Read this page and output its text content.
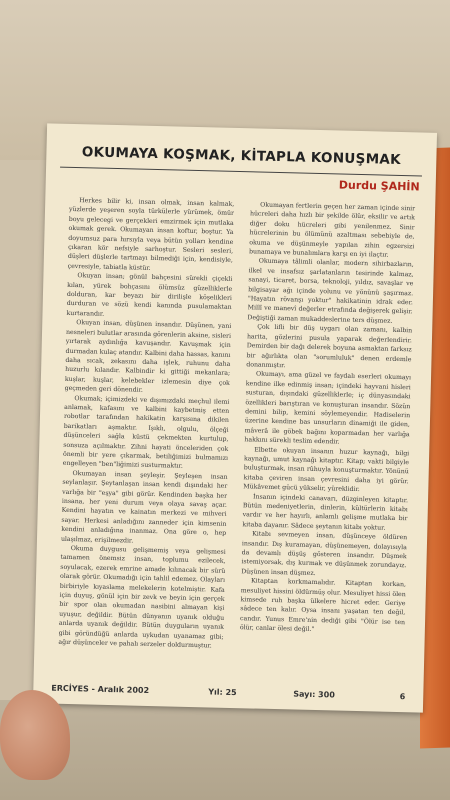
OKUMAYA KOŞMAK, KİTAPLA KONUŞMAK
Durdu ŞAHİN

Herkes bilir ki, insan olmak, insan kalmak, yüzlerde yeşeren soyla türkülerle yürümek, ömür boyu gelecegi ve gerçekleri emzirmek için mutlaka okumak gerek. Okumayan insan koftur, boştur. Ya doyumsuz para hırsıyla veya bütün yolları kendine çıkaran kör nefsiyle sarhoştur. Sesleri sesleri, düşleri düşlerle tartmayı bilmediği için, kendisiyle, çevresiyle, tabiatla küstür.

Okuyan insan; gönül bahçesini sürekli çiçekli kılan, yürek bohçasını ölümsüz güzelliklerle dolduran, kar beyazı bir dirilişle köşelikleri durduran ve sözü kendi kanında pusulamaktan kurtarandır.

Okuyan insan, düşünen insandır. Düşünen, yani nesneleri bulutlar arasında görenlerin aksine, sisleri yırtarak aydınlığa kavuşandır. Kavuşmak için durmadan kulaç atandır. Kalbini daha hassas, kanını daha sıcak, zekasını daha işlek, ruhunu daha huzurlu kılandır. Kalbindir ki gittiği mekanlara; kuşlar, kuşlar, kelebekler izlemesin diye çok geçmeden geri dönendir.

Okumak; içimizdeki ve dışımızdaki meçhul ilemi anlamak, kafasını ve kalbini kaybetmiş etten robotlar tarafından hakikatin karşısına dikilen barikatları aşmaktır. Işıklı, olgulu, ölçeği düşünceleri sağla küstü çekmekten kurtulup, sonsuza açılmaktır. Zihni hayati önceleriden çok önemli bir yere çıkarmak, betiliğimizi bulmamızı engelleyen "ben"liğimizi susturmaktır.

Okumayan insan şeyleşir. Şeyleşen insan seylanlaşır. Şeytanlaşan insan kendi dışındaki her varlığa bir "eşya" gibi görür. Kendinden başka her insana, her yeni durum veya olaya savaş açar. Kendini hayatın ve kainatın merkezi ve mihveri sayar. Herkesi anladığını zanneder için kimsenin kendini anladığına inanmaz. Ona göre o, hep ulaşılmaz, erişilmezdir.

Okuma duygusu gelişmemiş veya gelişmesi tamamen önemsiz insan, toplumu ezilecek, soyulacak, ezerek emrine amade kılınacak bir sürü olarak görür. Okumadığı için tahlil edemez. Olayları birbiriyle kıyaslama melekelerin kotelmiştir. Kafa için duyuş, gönül için bir zevk ve beyin için gerçek bir spor olan okumadan nasibini almayan kişi uyuşur, değildir. Bütün dünyanın uyanık olduğu anlarda uyanık değildir. Bütün duyguların uyanık gibi göründüğü anlarda uykudan uyanamaz gibi; ağır düşünceler ve pahalı serzeler doldurmuştur.

Okumayan fertlerin geçen her zaman içinde sinir hücreleri daha hızlı bir şekilde ölür, eksilir ve artık diğer doku hücreleri gibi yenilenmez. Sinir hücrelerinin bu ölümünü azaltması sebebiyle de, okuma ve düşünmeyle yapılan zihin egzersizi bunamaya ve bunalımlara karşı en iyi ilaçtır.

Okumaya tâlimli olanlar, modern sihirbazların, ilkel ve insafsız şarlatanların tesirinde kalmaz, sanayi, ticaret, borsa, teknoloji, yıldız, savaşlar ve bilgisayar ağı içinde yolunu ve yönünü şaşırmaz. "Hayatın rövanşı yoktur" hakikatinin idrak eder. Millî ve manevî değerler etrafında değişerek gelişir. Değiştiği zaman mukaddeslerine ters düşmez.

Çok lifli bir düş uygarı olan zamanı, kalbin harita, gözlerini pusula yaparak değerlendirir. Demirden bir dağı delerek boyuna asmaktan farksız bir ağırlıkta olan "sorumluluk" denen erdemle donanmıştır.

Okumayı, ama güzel ve faydalı eserleri okumayı kendine ilke edinmiş insan; içindeki hayvani hisleri susturan, dışındaki güzelliklerle; iç dünyasındaki özellikleri barıştıran ve konuşturan insandır. Sözün demini bilip, kemini söylemeyendir. Hadiselerin üzerine kendine bas unsurların dinamiği ile giden, mâverâ ile göbek bağını koparmadan her varlığa hakkını sürekli teslim edendir.

Elbette okuyan insanın huzur kaynağı, bilgi kaynağı, umut kaynağı kitaptır. Kitap; vakti bilgiyle buluşturmak, insan rûhuyla konuşturmaktır. Yönünü kitaba çeviren insan çevresini daha iyi görür. Mükâvemet gücü yükselir, yüreklidir.

İnsanın içindeki canavarı, düzginleyen kitaptır. Bütün medeniyetlerin, dinlerin, kültürlerin kitabı vardır ve her hayırlı, anlamlı gelişme mutlaka bir kitaba dayanır. Sâdece şeytanın kitabı yoktur.

Kitabı sevmeyen insan, düşünceye öldüren insandır. Dış kuramayan, düşünemeyen, dolayısıyla da devamlı düşüş gösteren insandır. Düşmek istemiyorsak, dış kurmak ve düşünmek zorundayız. Düşünen insan düşmez.

Kitaptan korkmamalıdır. Kitaptan korkan, mesuliyet hissini öldürmüş olur. Mesuliyet hissi ölen kimsede ruh başka ülkelere hicret eder. Geriye sâdece ten kalır. Oysa insanı yaşatan ten değil, candır. Yunus Emre'nin dediği gibi "Ölür ise ten ölür, canlar ölesi değil."

ERCİYES - Aralık 2002	Yıl: 25	Sayı: 300	6
